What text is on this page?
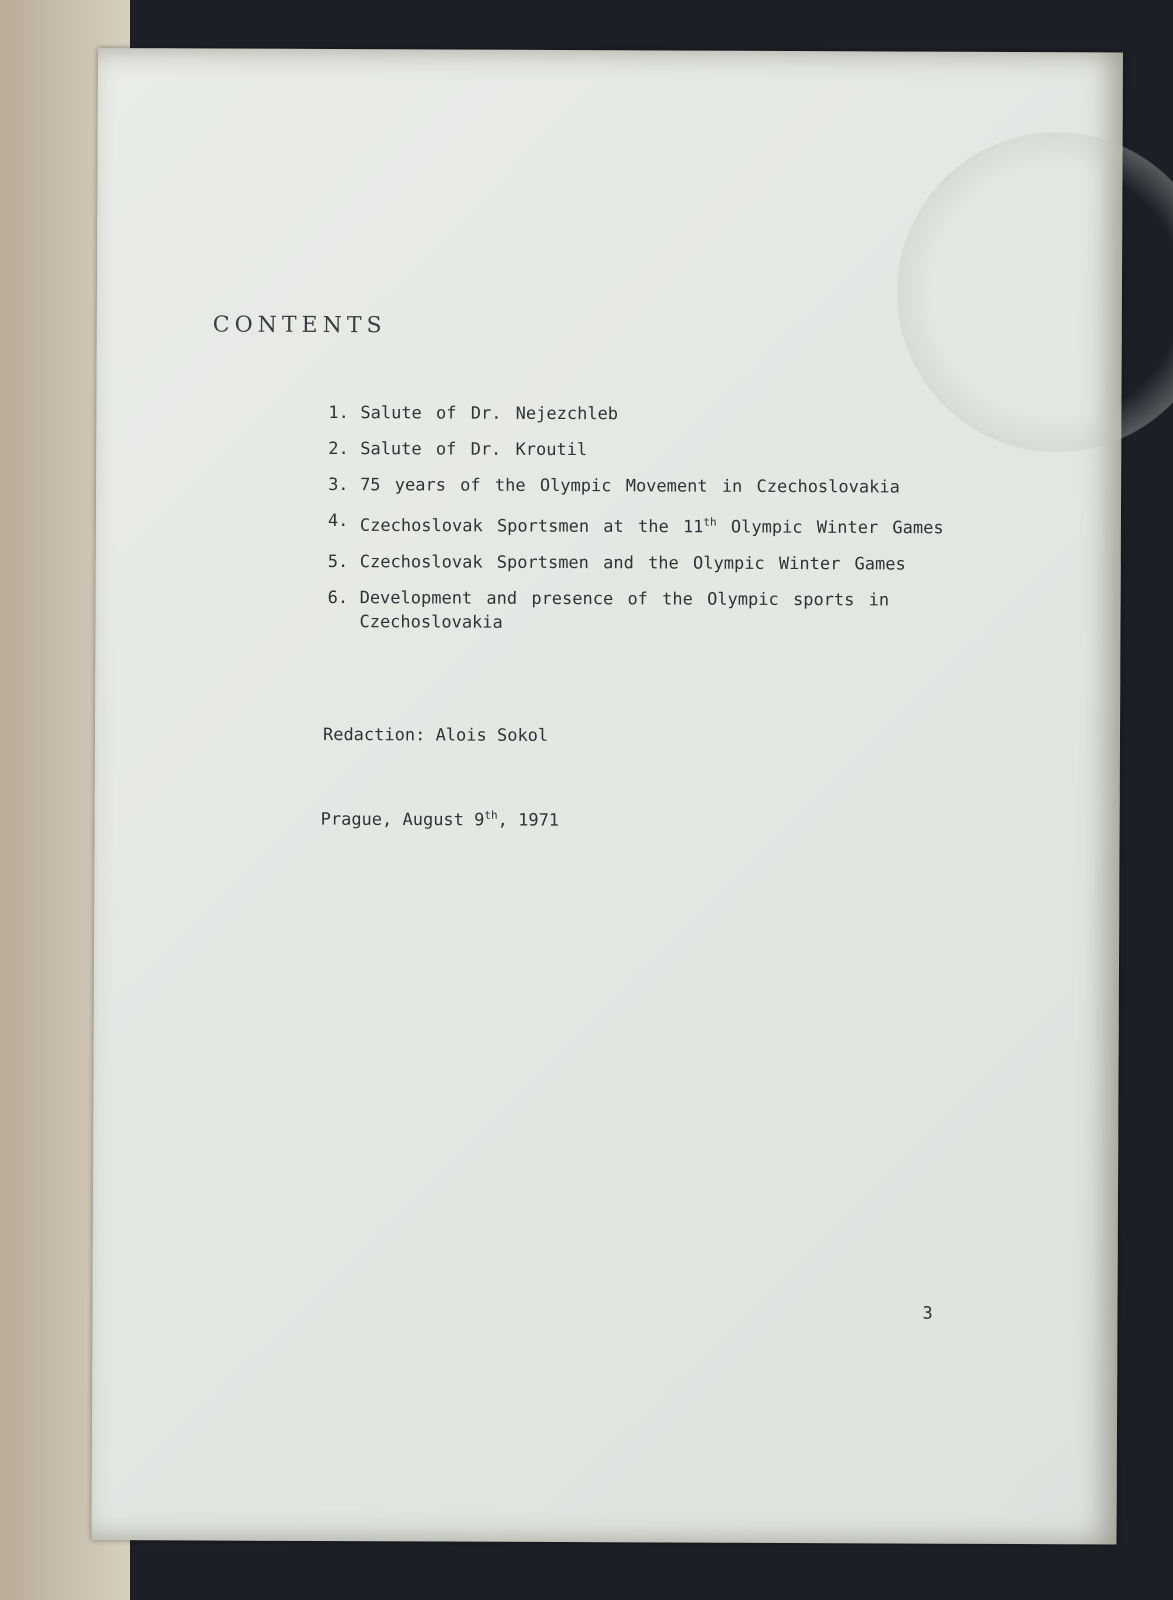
CONTENTS
1. Salute of Dr. Nejezchleb
2. Salute of Dr. Kroutil
3. 75 years of the Olympic Movement in Czechoslovakia
4. Czechoslovak Sportsmen at the 11th Olympic Winter Games
5. Czechoslovak Sportsmen and the Olympic Winter Games
6. Development and presence of the Olympic sports in Czechoslovakia
Redaction: Alois Sokol
Prague, August 9th, 1971
3
